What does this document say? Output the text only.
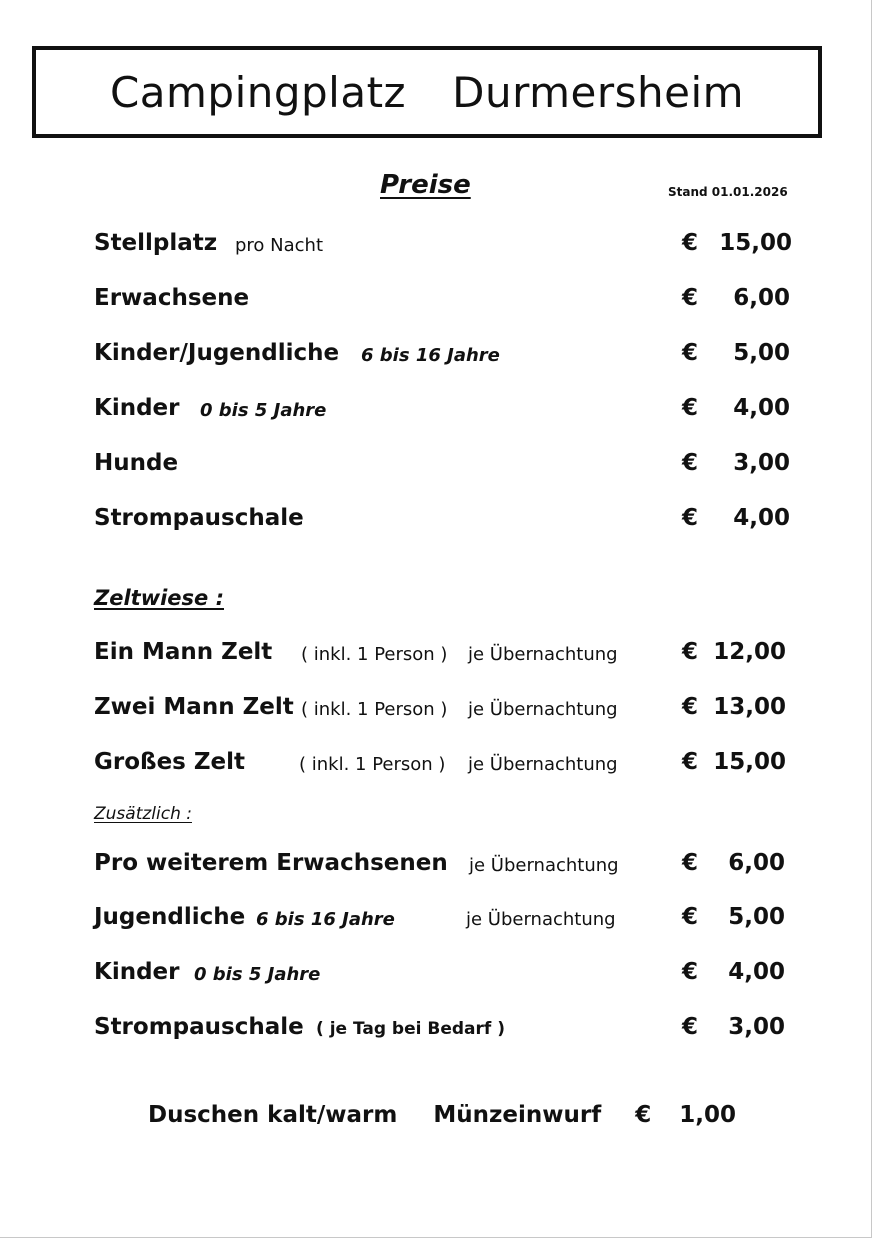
Campingplatz Durmersheim
Preise	Stand 01.01.2026
Stellplatz pro Nacht	€ 15,00
Erwachsene	€	6,00
Kinder/Jugendliche 6 bis 16 Jahre	€	5,00
Kinder 0 bis 5 Jahre	€	4,00
Hunde	€	3,00
Strompauschale	€	4,00
Zeltwiese :
Ein Mann Zelt ( inkl. 1 Person ) je Übernachtung	€ 12,00
Zwei Mann Zelt ( inkl. 1 Person ) je Übernachtung	€ 13,00
Großes Zelt	( inkl. 1 Person ) je Übernachtung	€ 15,00
Zusätzlich :
Pro weiterem Erwachsenen je Übernachtung	€	6,00
Jugendliche 6 bis 16 Jahre	je Übernachtung	€	5,00
Kinder 0 bis 5 Jahre	€	4,00
Strompauschale ( je Tag bei Bedarf )	€	3,00
Duschen kalt/warm Münzeinwurf € 1,00
